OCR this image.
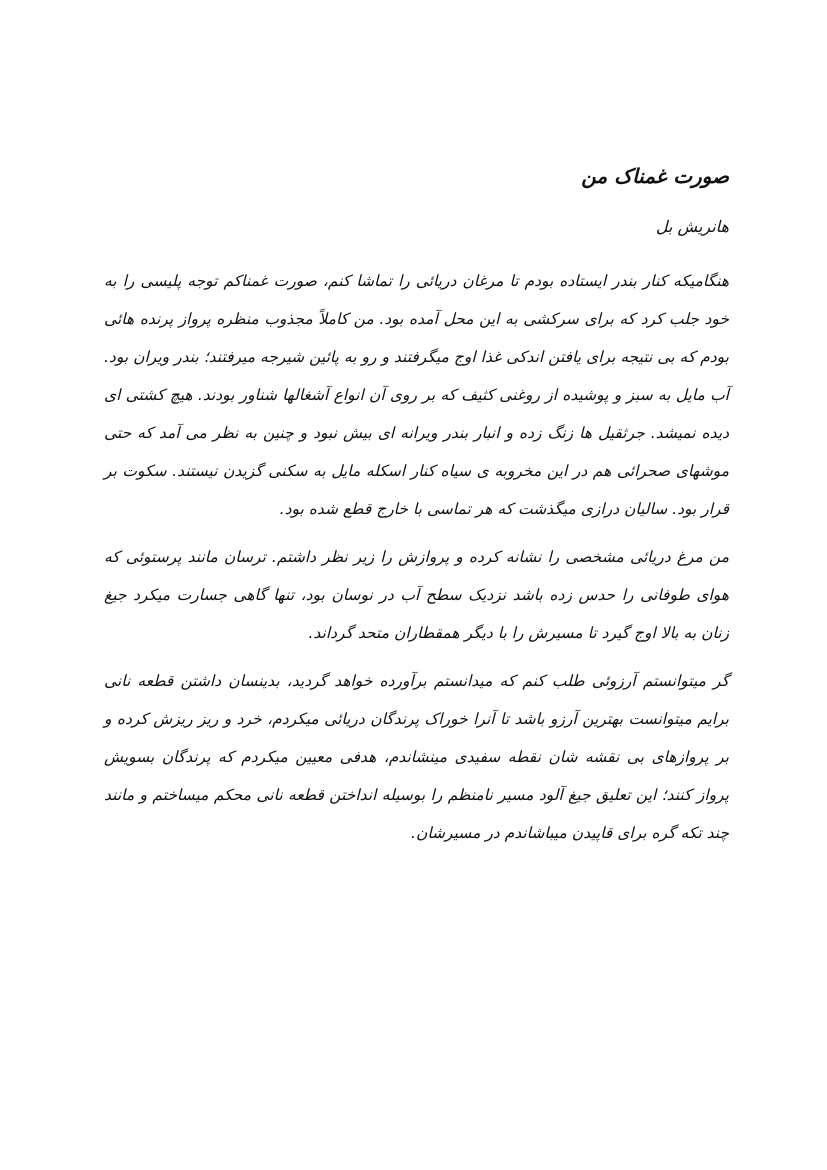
صورت غمناک من
هانریش بل

هنگامیکه کنار بندر ایستاده بودم تا مرغان دریائی را تماشا کنم، صورت غمناکم توجه پلیسی را به خود جلب کرد که برای سرکشی به این محل آمده بود. من کاملاً مجذوب منظره پرواز پرنده هائی بودم که بی نتیجه برای یافتن اندکی غذا اوج میگرفتند و رو به پائین شیرجه میرفتند؛ بندر ویران بود. آب مایل به سبز و پوشیده از روغنی کثیف که بر روی آن انواع آشغالها شناور بودند. هیچ کشتی ای دیده نمیشد. جرثقیل ها زنگ زده و انبار بندر ویرانه ای بیش نبود و چنین به نظر می آمد که حتی موشهای صحرائی هم در این مخروبه ی سیاه کنار اسکله مایل به سکنی گزیدن نیستند. سکوت بر قرار بود. سالیان درازی میگذشت که هر تماسی با خارج قطع شده بود.

من مرغ دریائی مشخصی را نشانه کرده و پروازش را زیر نظر داشتم. ترسان مانند پرستوئی که هوای طوفانی را حدس زده باشد نزدیک سطح آب در نوسان بود، تنها گاهی جسارت میکرد جیغ زنان به بالا اوج گیرد تا مسیرش را با دیگر همقطاران متحد گرداند.

گر میتوانستم آرزوئی طلب کنم که میدانستم برآورده خواهد گردید، بدینسان داشتن قطعه نانی برایم میتوانست بهترین آرزو باشد تا آنرا خوراک پرندگان دریائی میکردم، خرد و ریز ریزش کرده و بر پروازهای بی نقشه شان نقطه سفیدی مینشاندم، هدفی معیین میکردم که پرندگان بسویش پرواز کنند؛ این تعلیق جیغ آلود مسیر نامنظم را بوسیله انداختن قطعه نانی محکم میساختم و مانند چند تکه گره برای قاپیدن میباشاندم در مسیرشان.
